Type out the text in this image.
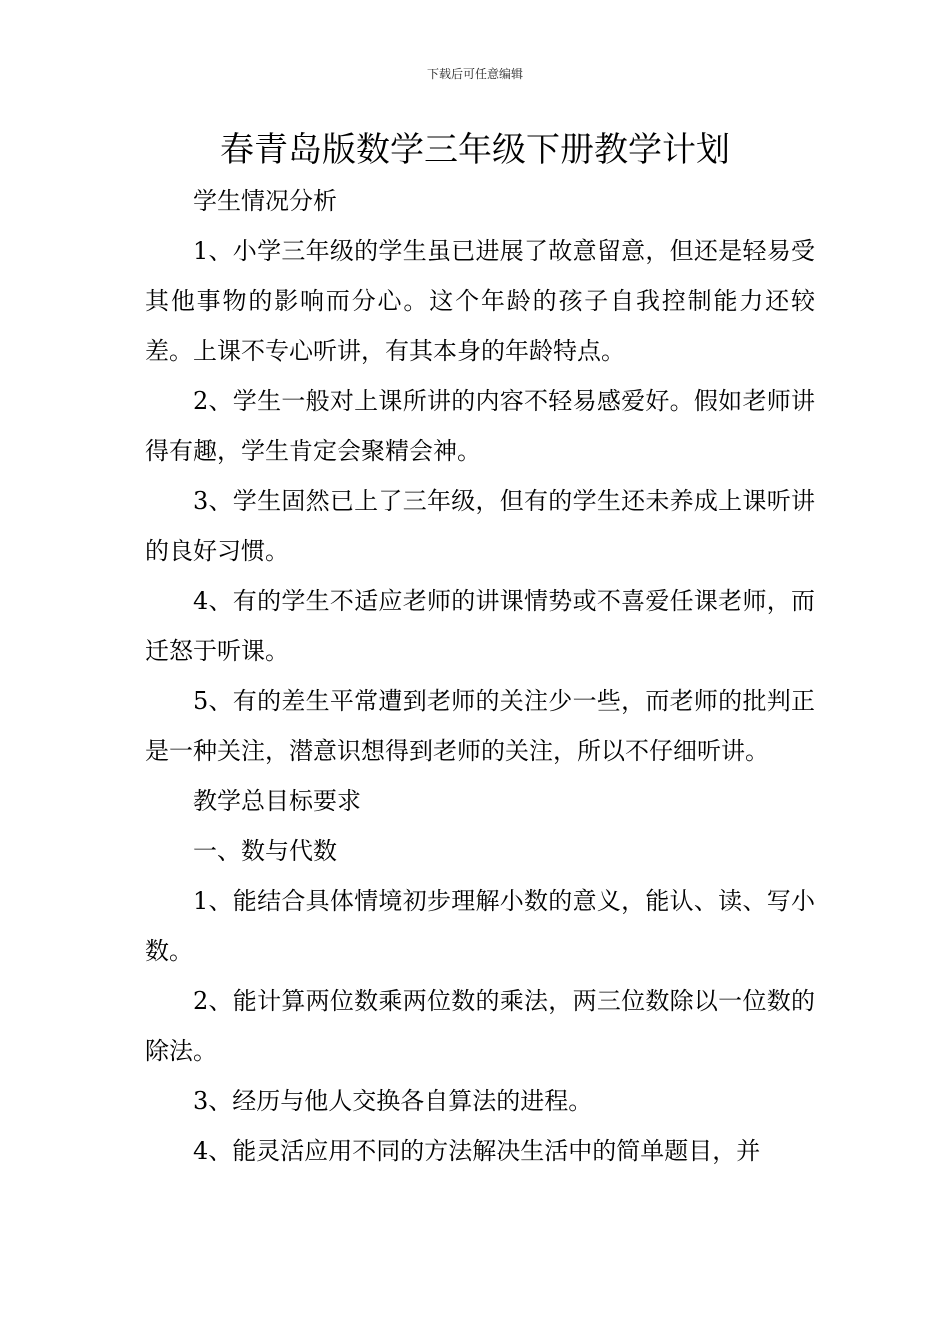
下载后可任意编辑
春青岛版数学三年级下册教学计划

学生情况分析

1、小学三年级的学生虽已进展了故意留意，但还是轻易受其他事物的影响而分心。这个年龄的孩子自我控制能力还较差。上课不专心听讲，有其本身的年龄特点。

2、学生一般对上课所讲的内容不轻易感爱好。假如老师讲得有趣，学生肯定会聚精会神。

3、学生固然已上了三年级，但有的学生还未养成上课听讲的良好习惯。

4、有的学生不适应老师的讲课情势或不喜爱任课老师，而迁怒于听课。

5、有的差生平常遭到老师的关注少一些，而老师的批判正是一种关注，潜意识想得到老师的关注，所以不仔细听讲。

教学总目标要求

一、数与代数

1、能结合具体情境初步理解小数的意义，能认、读、写小数。

2、能计算两位数乘两位数的乘法，两三位数除以一位数的除法。

3、经历与他人交换各自算法的进程。

4、能灵活应用不同的方法解决生活中的简单题目，并
